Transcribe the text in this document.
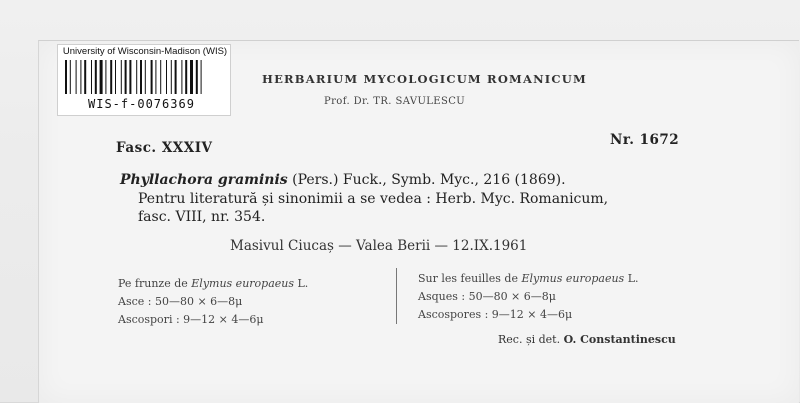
University of Wisconsin-Madison (WIS)
WIS-f-0076369
HERBARIUM MYCOLOGICUM ROMANICUM
Prof. Dr. TR. SAVULESCU
Fasc. XXXIV	Nr. 1672
Phyllachora graminis (Pers.) Fuck., Symb. Myc., 216 (1869).
Pentru literatură și sinonimii a se vedea : Herb. Myc. Romanicum,
fasc. VIII, nr. 354.
Masivul Ciucaș — Valea Berii — 12.IX.1961
Pe frunze de Elymus europaeus L.
Asce : 50—80 × 6—8μ
Ascospori : 9—12 × 4—6μ
Sur les feuilles de Elymus europaeus L.
Asques : 50—80 × 6—8μ
Ascospores : 9—12 × 4—6μ
Rec. și det. O. Constantinescu
